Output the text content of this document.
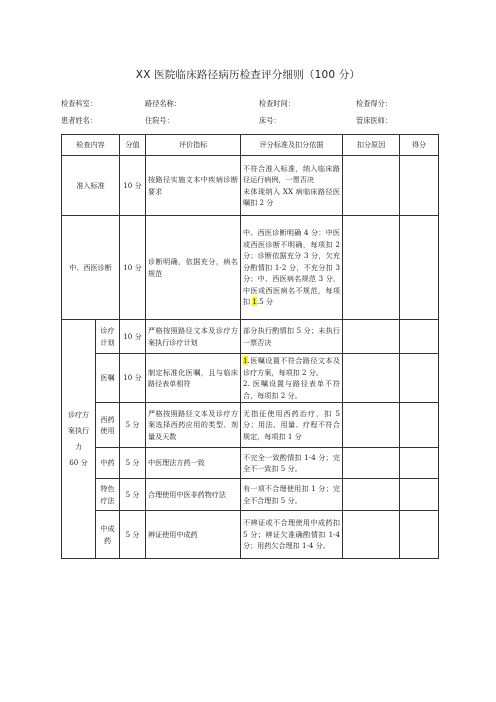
XX 医院临床路径病历检查评分细则（100 分）
检查科室：	路径名称：	检查时间：	检查得分：
患者姓名：	住院号：	床号：	管床医师：
检查内容		分值	评价指标	评分标准及扣分依据	扣分原因	得分
准入标准		10 分	按路径实施文本中疾病诊断要求	不符合准入标准，纳入临床路径运行病例，一票否决
未体现纳入 XX 病临床路径医嘱扣 2 分		
中、西医诊断		10 分	诊断明确，依据充分，病名规范	中、西医诊断明确 4 分：中医或西医诊断不明确，每项扣 2 分；诊断依据充分 3 分，欠充分酌情扣 1-2 分，不充分扣 3 分；中、西医病名规范 3 分，中医或西医病名不规范，每项扣 1.5 分		

诊疗方案执行力
60 分	诊疗计划	10 分	严格按照路径文本及诊疗方案执行诊疗计划	部分执行酌情扣 5 分；未执行一票否决		
	医嘱	10 分	制定标准化医嘱，且与临床路径表单相符	1.医嘱设置不符合路径文本及诊疗方案，每项扣 2 分。
2. 医嘱设置与路径表单不符合，每项扣 2 分。		
	西药使用	5 分	严格按照路径文本及诊疗方案选择西药应用的类型、剂量及天数	无指征使用西药治疗，扣 5 分；用法、用量、疗程不符合规定，每项扣 1 分		
	中药	5 分	中医理法方药一致	不完全一致酌情扣 1-4 分；完全不一致扣 5 分。		
	特色疗法	5 分	合理使用中医非药物疗法	有一项不合理使用扣 1 分；完全不合理扣 5 分。		
	中成药	5 分	辨证使用中成药	不辨证或不合理使用中成药扣 5 分；辨证欠准确酌情扣 1-4 分；用药欠合理扣 1-4 分。		
